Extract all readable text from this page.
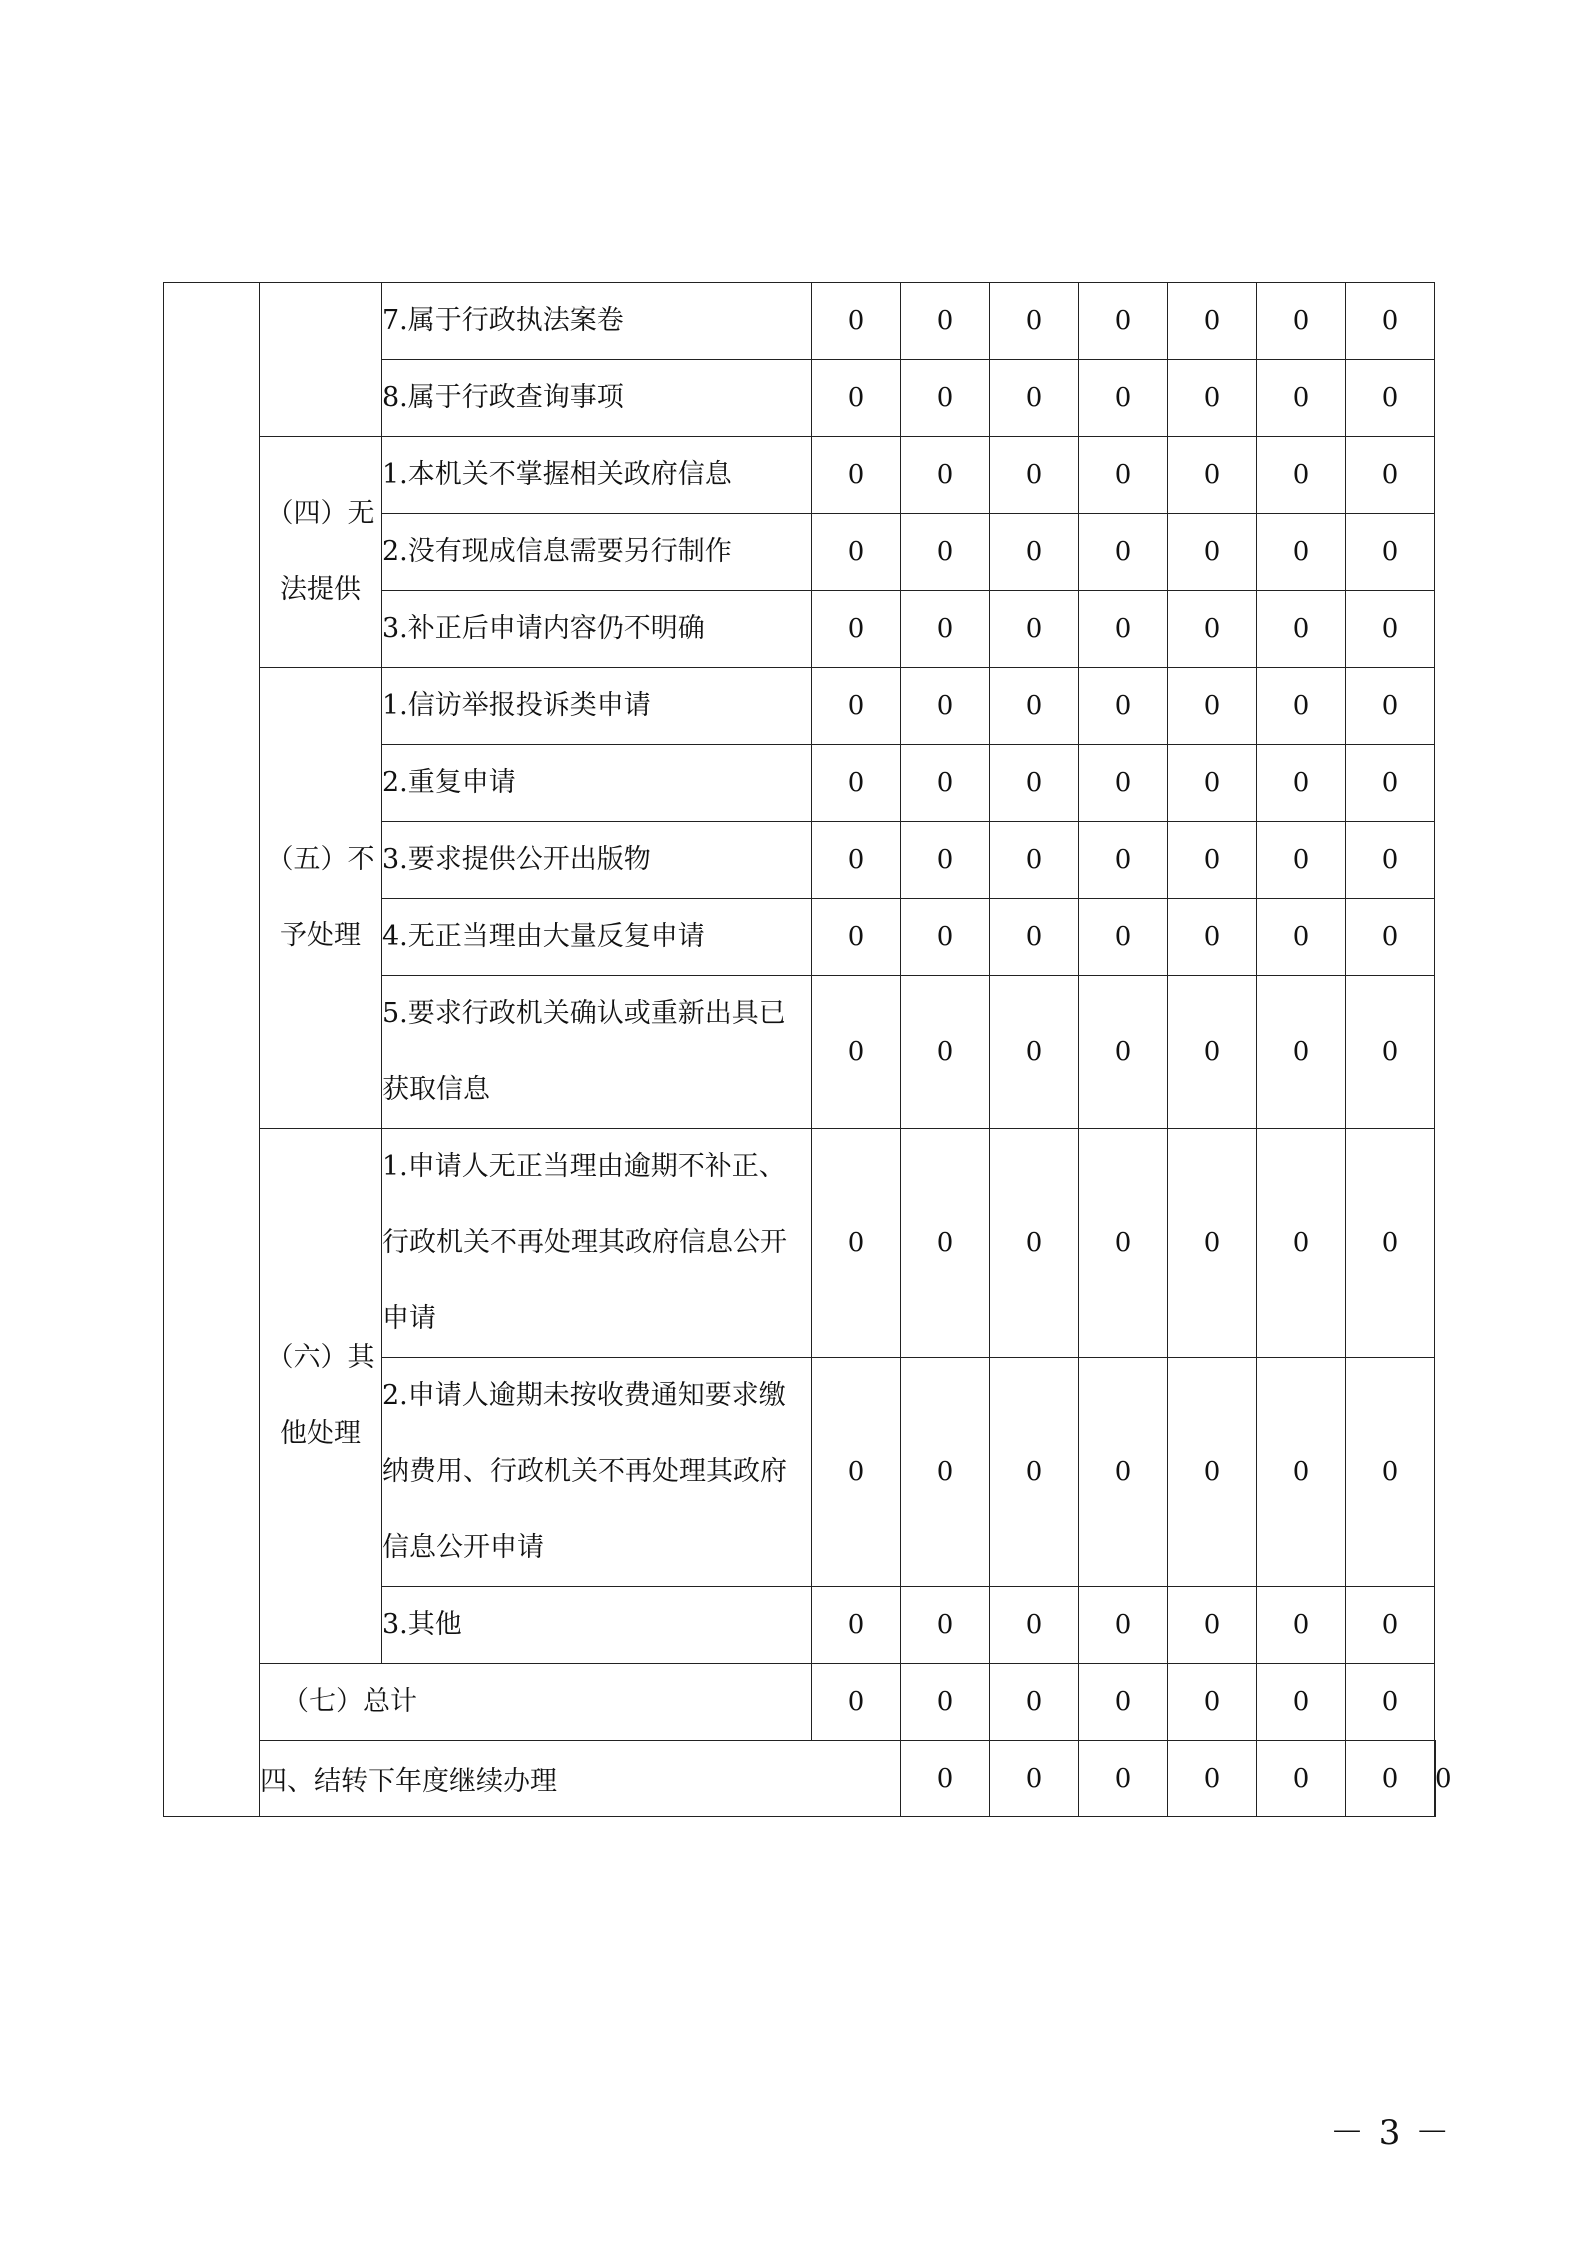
		7.属于行政执法案卷	0	0	0	0	0	0	0	
		8.属于行政查询事项	0	0	0	0	0	0	0	
	（四）无法提供	1.本机关不掌握相关政府信息	0	0	0	0	0	0	0	
		2.没有现成信息需要另行制作	0	0	0	0	0	0	0	
		3.补正后申请内容仍不明确	0	0	0	0	0	0	0	
	（五）不予处理	1.信访举报投诉类申请	0	0	0	0	0	0	0	
		2.重复申请	0	0	0	0	0	0	0	
		3.要求提供公开出版物	0	0	0	0	0	0	0	
		4.无正当理由大量反复申请	0	0	0	0	0	0	0	
		5.要求行政机关确认或重新出具已获取信息	0	0	0	0	0	0	0	
	（六）其他处理	1.申请人无正当理由逾期不补正、行政机关不再处理其政府信息公开申请	0	0	0	0	0	0	0	
		2.申请人逾期未按收费通知要求缴纳费用、行政机关不再处理其政府信息公开申请	0	0	0	0	0	0	0	
		3.其他	0	0	0	0	0	0	0	
	（七）总计		0	0	0	0	0	0	0	
	四、结转下年度继续办理			0	0	0	0	0	0	0
－ 3 －
